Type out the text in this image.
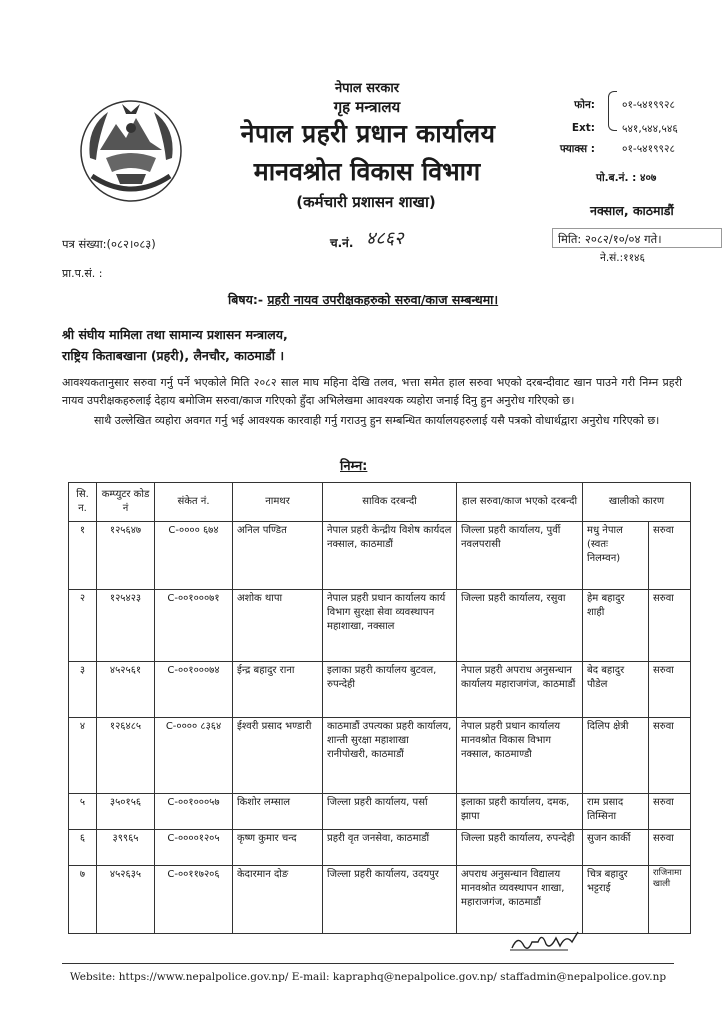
नेपाल सरकार
गृह मन्त्रालय
नेपाल प्रहरी प्रधान कार्यालय
मानवश्रोत विकास विभाग
(कर्मचारी प्रशासन शाखा)
फोन:	०१-५४१९९२८
Ext:	५४१,५४४,५४६
फ्याक्स :	०१-५४१९९२८
पो.ब.नं. : ४०७
नक्साल, काठमाडौं
पत्र संख्या:(०८२।०८३)	च.नं. ४८६२	मिति: २०८२/१०/०४ गते।
ने.सं.:११४६
प्रा.प.सं. :
बिषय:- प्रहरी नायव उपरीक्षकहरुको सरुवा/काज सम्बन्धमा।
श्री संघीय मामिला तथा सामान्य प्रशासन मन्त्रालय,
राष्ट्रिय किताबखाना (प्रहरी), लैनचौर, काठमाडौं ।
आवश्यकतानुसार सरुवा गर्नु पर्ने भएकोले मिति २०८२ साल माघ महिना देखि तलव, भत्ता समेत हाल सरुवा भएको दरबन्दीवाट खान पाउने गरी निम्न प्रहरी नायव उपरीक्षकहरुलाई देहाय बमोजिम सरुवा/काज गरिएको हुँदा अभिलेखमा आवश्यक व्यहोरा जनाई दिनु हुन अनुरोध गरिएको छ।
साथै उल्लेखित व्यहोरा अवगत गर्नु भई आवश्यक कारवाही गर्नु गराउनु हुन सम्बन्धित कार्यालयहरुलाई यसै पत्रको वोधार्थद्वारा अनुरोध गरिएको छ।
निम्न:
सि. न.	कम्प्युटर कोड नं	संकेत नं.	नामथर	साविक दरबन्दी	हाल सरुवा/काज भएको दरबन्दी	खालीको कारण	
१	१२५६४७	C-०००० ६७४	अनिल पण्डित	नेपाल प्रहरी केन्द्रीय विशेष कार्यदल नक्साल, काठमाडौं	जिल्ला प्रहरी कार्यालय, पुर्वी नवलपरासी	मधु नेपाल (स्वतः निलम्वन)	सरुवा
२	१२५४२३	C-००१०००७१	अशोक थापा	नेपाल प्रहरी प्रधान कार्यालय कार्य विभाग सुरक्षा सेवा व्यवस्थापन महाशाखा, नक्साल	जिल्ला प्रहरी कार्यालय, रसुवा	हेम बहादुर शाही	सरुवा
३	४५२५६१	C-००१०००७४	ईन्द्र बहादुर राना	इलाका प्रहरी कार्यालय बुटवल, रुपन्देही	नेपाल प्रहरी अपराध अनुसन्धान कार्यालय महाराजगंज, काठमाडौं	बेद बहादुर पौडेल	सरुवा
४	१२६४८५	C-०००० ८३६४	ईश्वरी प्रसाद भण्डारी	काठमाडौं उपत्यका प्रहरी कार्यालय, शान्ती सुरक्षा महाशाखा रानीपोखरी, काठमाडौं	नेपाल प्रहरी प्रधान कार्यालय मानवश्रोत विकास विभाग नक्साल, काठमाण्डौ	दिलिप क्षेत्री	सरुवा
५	३५०१५६	C-००१०००५७	किशोर लम्साल	जिल्ला प्रहरी कार्यालय, पर्सा	इलाका प्रहरी कार्यालय, दमक, झापा	राम प्रसाद तिम्सिना	सरुवा
६	३९९६५	C-००००१२०५	कृष्ण कुमार चन्द	प्रहरी वृत जनसेवा, काठमाडौं	जिल्ला प्रहरी कार्यालय, रुपन्देही	सुजन कार्की	सरुवा
७	४५२६३५	C-००११७२०६	केदारमान दोङ	जिल्ला प्रहरी कार्यालय, उदयपुर	अपराध अनुसन्धान विद्यालय मानवश्रोत व्यवस्थापन शाखा, महाराजगंज, काठमाडौं	चित्र बहादुर भट्टराई	राजिनामा खाली
Website: https://www.nepalpolice.gov.np/ E-mail: kapraphq@nepalpolice.gov.np/ staffadmin@nepalpolice.gov.np
